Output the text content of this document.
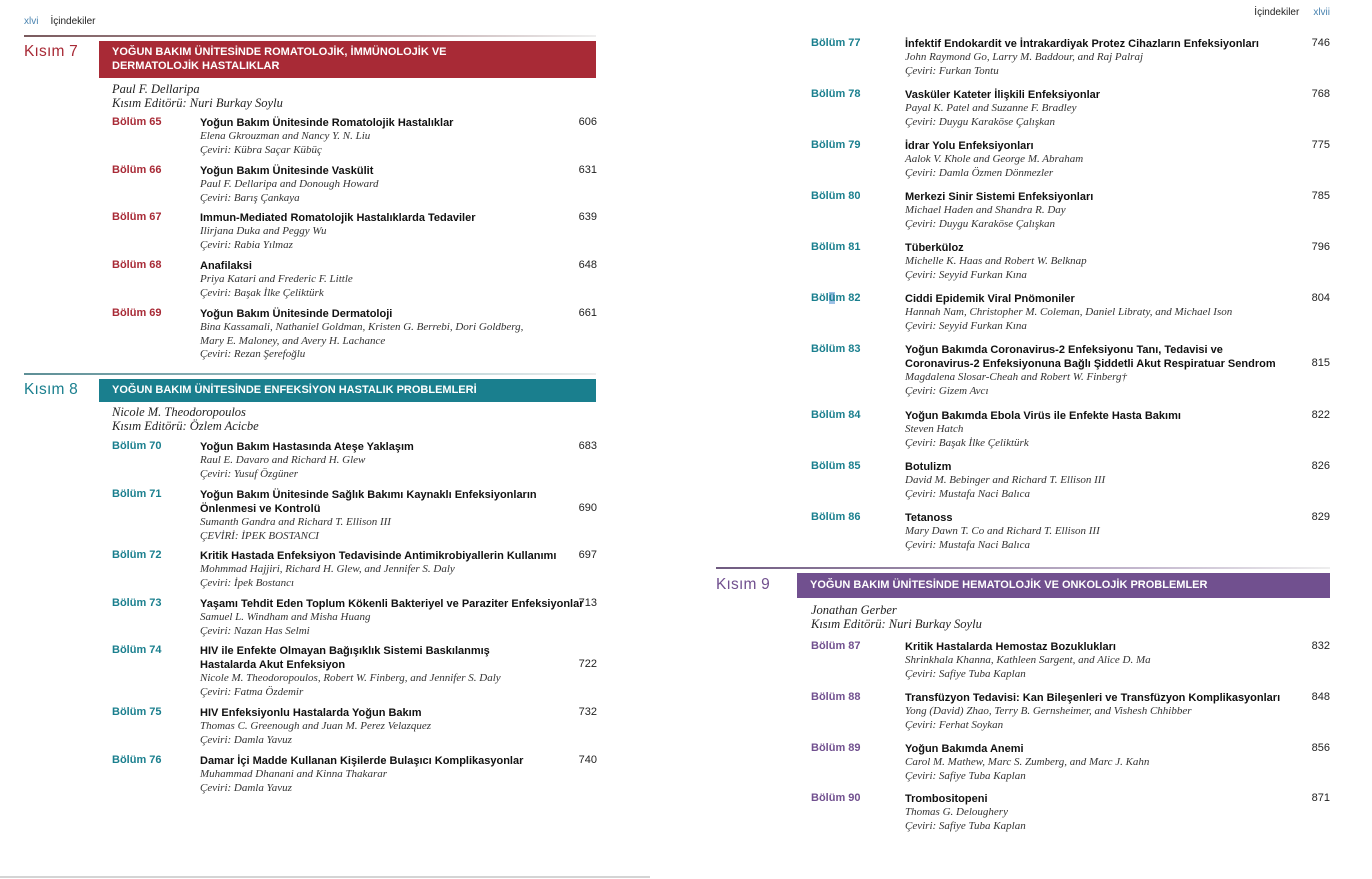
xlvi İçindekiler
Kısım 7	YOĞUN BAKIM ÜNİTESİNDE ROMATOLOJİK, İMMÜNOLOJİK VE
DERMATOLOJİK HASTALIKLAR
Paul F. Dellaripa
Kısım Editörü: Nuri Burkay Soylu
Bölüm 65	Yoğun Bakım Ünitesinde Romatolojik Hastalıklar	606
Elena Gkrouzman and Nancy Y. N. Liu
Çeviri: Kübra Saçar Kübüç
Bölüm 66	Yoğun Bakım Ünitesinde Vaskülit	631
Paul F. Dellaripa and Donough Howard
Çeviri: Barış Çankaya
Bölüm 67	Immun-Mediated Romatolojik Hastalıklarda Tedaviler	639
Ilirjana Duka and Peggy Wu
Çeviri: Rabia Yılmaz
Bölüm 68	Anafilaksi	648
Priya Katari and Frederic F. Little
Çeviri: Başak İlke Çeliktürk
Bölüm 69	Yoğun Bakım Ünitesinde Dermatoloji	661
Bina Kassamali, Nathaniel Goldman, Kristen G. Berrebi, Dori Goldberg,
Mary E. Maloney, and Avery H. Lachance
Çeviri: Rezan Şerefoğlu
Kısım 8	YOĞUN BAKIM ÜNİTESİNDE ENFEKSİYON HASTALIK PROBLEMLERİ
Nicole M. Theodoropoulos
Kısım Editörü: Özlem Acicbe
Bölüm 70	Yoğun Bakım Hastasında Ateşe Yaklaşım	683
Raul E. Davaro and Richard H. Glew
Çeviri: Yusuf Özgüner
Bölüm 71	Yoğun Bakım Ünitesinde Sağlık Bakımı Kaynaklı Enfeksiyonların
Önlenmesi ve Kontrolü	690
Sumanth Gandra and Richard T. Ellison III
ÇEVİRİ: İPEK BOSTANCI
Bölüm 72	Kritik Hastada Enfeksiyon Tedavisinde Antimikrobiyallerin Kullanımı 697
Mohmmad Hajjiri, Richard H. Glew, and Jennifer S. Daly
Çeviri: İpek Bostancı
Bölüm 73	Yaşamı Tehdit Eden Toplum Kökenli Bakteriyel ve Paraziter Enfeksiyonlar
713
Samuel L. Windham and Misha Huang
Çeviri: Nazan Has Selmi
Bölüm 74	HIV ile Enfekte Olmayan Bağışıklık Sistemi Baskılanmış
Hastalarda Akut Enfeksiyon	722
Nicole M. Theodoropoulos, Robert W. Finberg, and Jennifer S. Daly
Çeviri: Fatma Özdemir
Bölüm 75	HIV Enfeksiyonlu Hastalarda Yoğun Bakım	732
Thomas C. Greenough and Juan M. Perez Velazquez
Çeviri: Damla Yavuz
Bölüm 76	Damar İçi Madde Kullanan Kişilerde Bulaşıcı Komplikasyonlar	740
Muhammad Dhanani and Kinna Thakarar
Çeviri: Damla Yavuz
İçindekiler xlvii
Bölüm 77	İnfektif Endokardit ve İntrakardiyak Protez Cihazların Enfeksiyonları	746
John Raymond Go, Larry M. Baddour, and Raj Palraj
Çeviri: Furkan Tontu
Bölüm 78	Vasküler Kateter İlişkili Enfeksiyonlar	768
Payal K. Patel and Suzanne F. Bradley
Çeviri: Duygu Karaköse Çalışkan
Bölüm 79	İdrar Yolu Enfeksiyonları	775
Aalok V. Khole and George M. Abraham
Çeviri: Damla Özmen Dönmezler
Bölüm 80	Merkezi Sinir Sistemi Enfeksiyonları	785
Michael Haden and Shandra R. Day
Çeviri: Duygu Karaköse Çalışkan
Bölüm 81	Tüberküloz	796
Michelle K. Haas and Robert W. Belknap
Çeviri: Seyyid Furkan Kına
Bölüm 82	Ciddi Epidemik Viral Pnömoniler	804
Hannah Nam, Christopher M. Coleman, Daniel Libraty, and Michael Ison
Çeviri: Seyyid Furkan Kına
Bölüm 83	Yoğun Bakımda Coronavirus-2 Enfeksiyonu Tanı, Tedavisi ve
Coronavirus-2 Enfeksiyonuna Bağlı Şiddetli Akut Respiratuar Sendrom	815
Magdalena Slosar-Cheah and Robert W. Finberg†
Çeviri: Gizem Avcı
Bölüm 84	Yoğun Bakımda Ebola Virüs ile Enfekte Hasta Bakımı	822
Steven Hatch
Çeviri: Başak İlke Çeliktürk
Bölüm 85	Botulizm	826
David M. Bebinger and Richard T. Ellison III
Çeviri: Mustafa Naci Balıca
Bölüm 86	Tetanoss	829
Mary Dawn T. Co and Richard T. Ellison III
Çeviri: Mustafa Naci Balıca
Kısım 9	YOĞUN BAKIM ÜNİTESİNDE HEMATOLOJİK VE ONKOLOJİK PROBLEMLER
Jonathan Gerber
Kısım Editörü: Nuri Burkay Soylu
Bölüm 87	Kritik Hastalarda Hemostaz Bozuklukları	832
Shrinkhala Khanna, Kathleen Sargent, and Alice D. Ma
Çeviri: Safiye Tuba Kaplan
Bölüm 88	Transfüzyon Tedavisi: Kan Bileşenleri ve Transfüzyon Komplikasyonları	848
Yong (David) Zhao, Terry B. Gernsheimer, and Vishesh Chhibber
Çeviri: Ferhat Soykan
Bölüm 89	Yoğun Bakımda Anemi	856
Carol M. Mathew, Marc S. Zumberg, and Marc J. Kahn
Çeviri: Safiye Tuba Kaplan
Bölüm 90	Trombositopeni	871
Thomas G. Deloughery
Çeviri: Safiye Tuba Kaplan
